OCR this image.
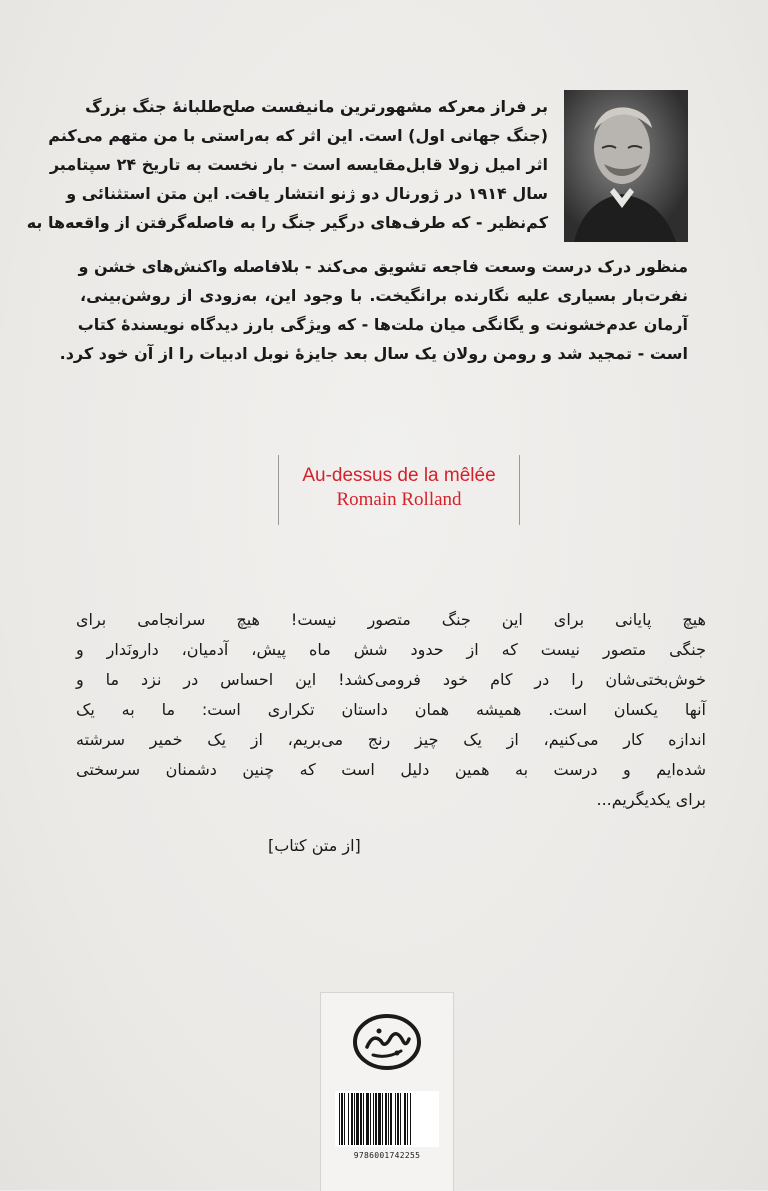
بر فراز معرکه مشهورترین مانیفست صلح‌طلبانهٔ جنگ بزرگ
(جنگ جهانی اول) است. این اثر که به‌راستی با من متهم می‌کنم
اثر امیل زولا قابل‌مقایسه است - بار نخست به تاریخ ۲۴ سپتامبر
سال ۱۹۱۴ در ژورنال دو ژنو انتشار یافت. این متن استثنائی و
کم‌نظیر - که طرف‌های درگیر جنگ را به فاصله‌گرفتن از واقعه‌ها به
منظور درک درست وسعت فاجعه تشویق می‌کند - بلافاصله واکنش‌های خشن و
نفرت‌بار بسیاری علیه نگارنده برانگیخت. با وجود این، به‌زودی از روشن‌بینی،
آرمان عدم‌خشونت و یگانگی میان ملت‌ها - که ویژگی بارز دیدگاه نویسندهٔ کتاب
است - تمجید شد و رومن رولان یک سال بعد جایزهٔ نوبل ادبیات را از آن خود کرد.
Au-dessus de la mêlée
Romain Rolland
هیچ پایانی برای این جنگ متصور نیست! هیچ سرانجامی برای
جنگی متصور نیست که از حدود شش ماه پیش، آدمیان، دارونَدار و
خوش‌بختی‌شان را در کام خود فرومی‌کشد! این احساس در نزد ما و
آنها یکسان است. همیشه همان داستان تکراری است: ما به یک
اندازه کار می‌کنیم، از یک چیز رنج می‌بریم، از یک خمیر سرشته
شده‌ایم و درست به همین دلیل است که چنین دشمنان سرسختی
برای یکدیگریم...
[از متن کتاب]
9786001742255
